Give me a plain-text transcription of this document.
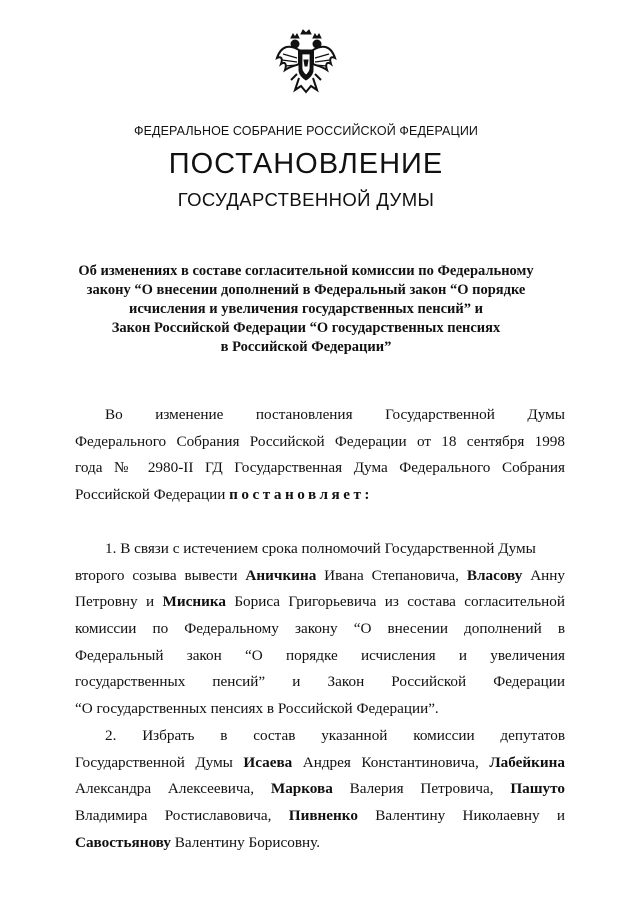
ФЕДЕРАЛЬНОЕ СОБРАНИЕ РОССИЙСКОЙ ФЕДЕРАЦИИ
ПОСТАНОВЛЕНИЕ
ГОСУДАРСТВЕННОЙ ДУМЫ
Об изменениях в составе согласительной комиссии по Федеральному
закону “О внесении дополнений в Федеральный закон “О порядке
исчисления и увеличения государственных пенсий” и
Закон Российской Федерации “О государственных пенсиях
в Российской Федерации”
Во изменение постановления Государственной Думы
Федерального Собрания Российской Федерации от 18 сентября 1998
года № 2980-II ГД Государственная Дума Федерального Собрания
Российской Федерации постановляет:
1. В связи с истечением срока полномочий Государственной Думы
второго созыва вывести Аничкина Ивана Степановича, Власову Анну
Петровну и Мисника Бориса Григорьевича из состава согласительной
комиссии по Федеральному закону “О внесении дополнений в
Федеральный закон “О порядке исчисления и увеличения
государственных пенсий” и Закон Российской Федерации
“О государственных пенсиях в Российской Федерации”.
2. Избрать в состав указанной комиссии депутатов
Государственной Думы Исаева Андрея Константиновича, Лабейкина
Александра Алексеевича, Маркова Валерия Петровича, Пашуто
Владимира Ростиславовича, Пивненко Валентину Николаевну и
Савостьянову Валентину Борисовну.
